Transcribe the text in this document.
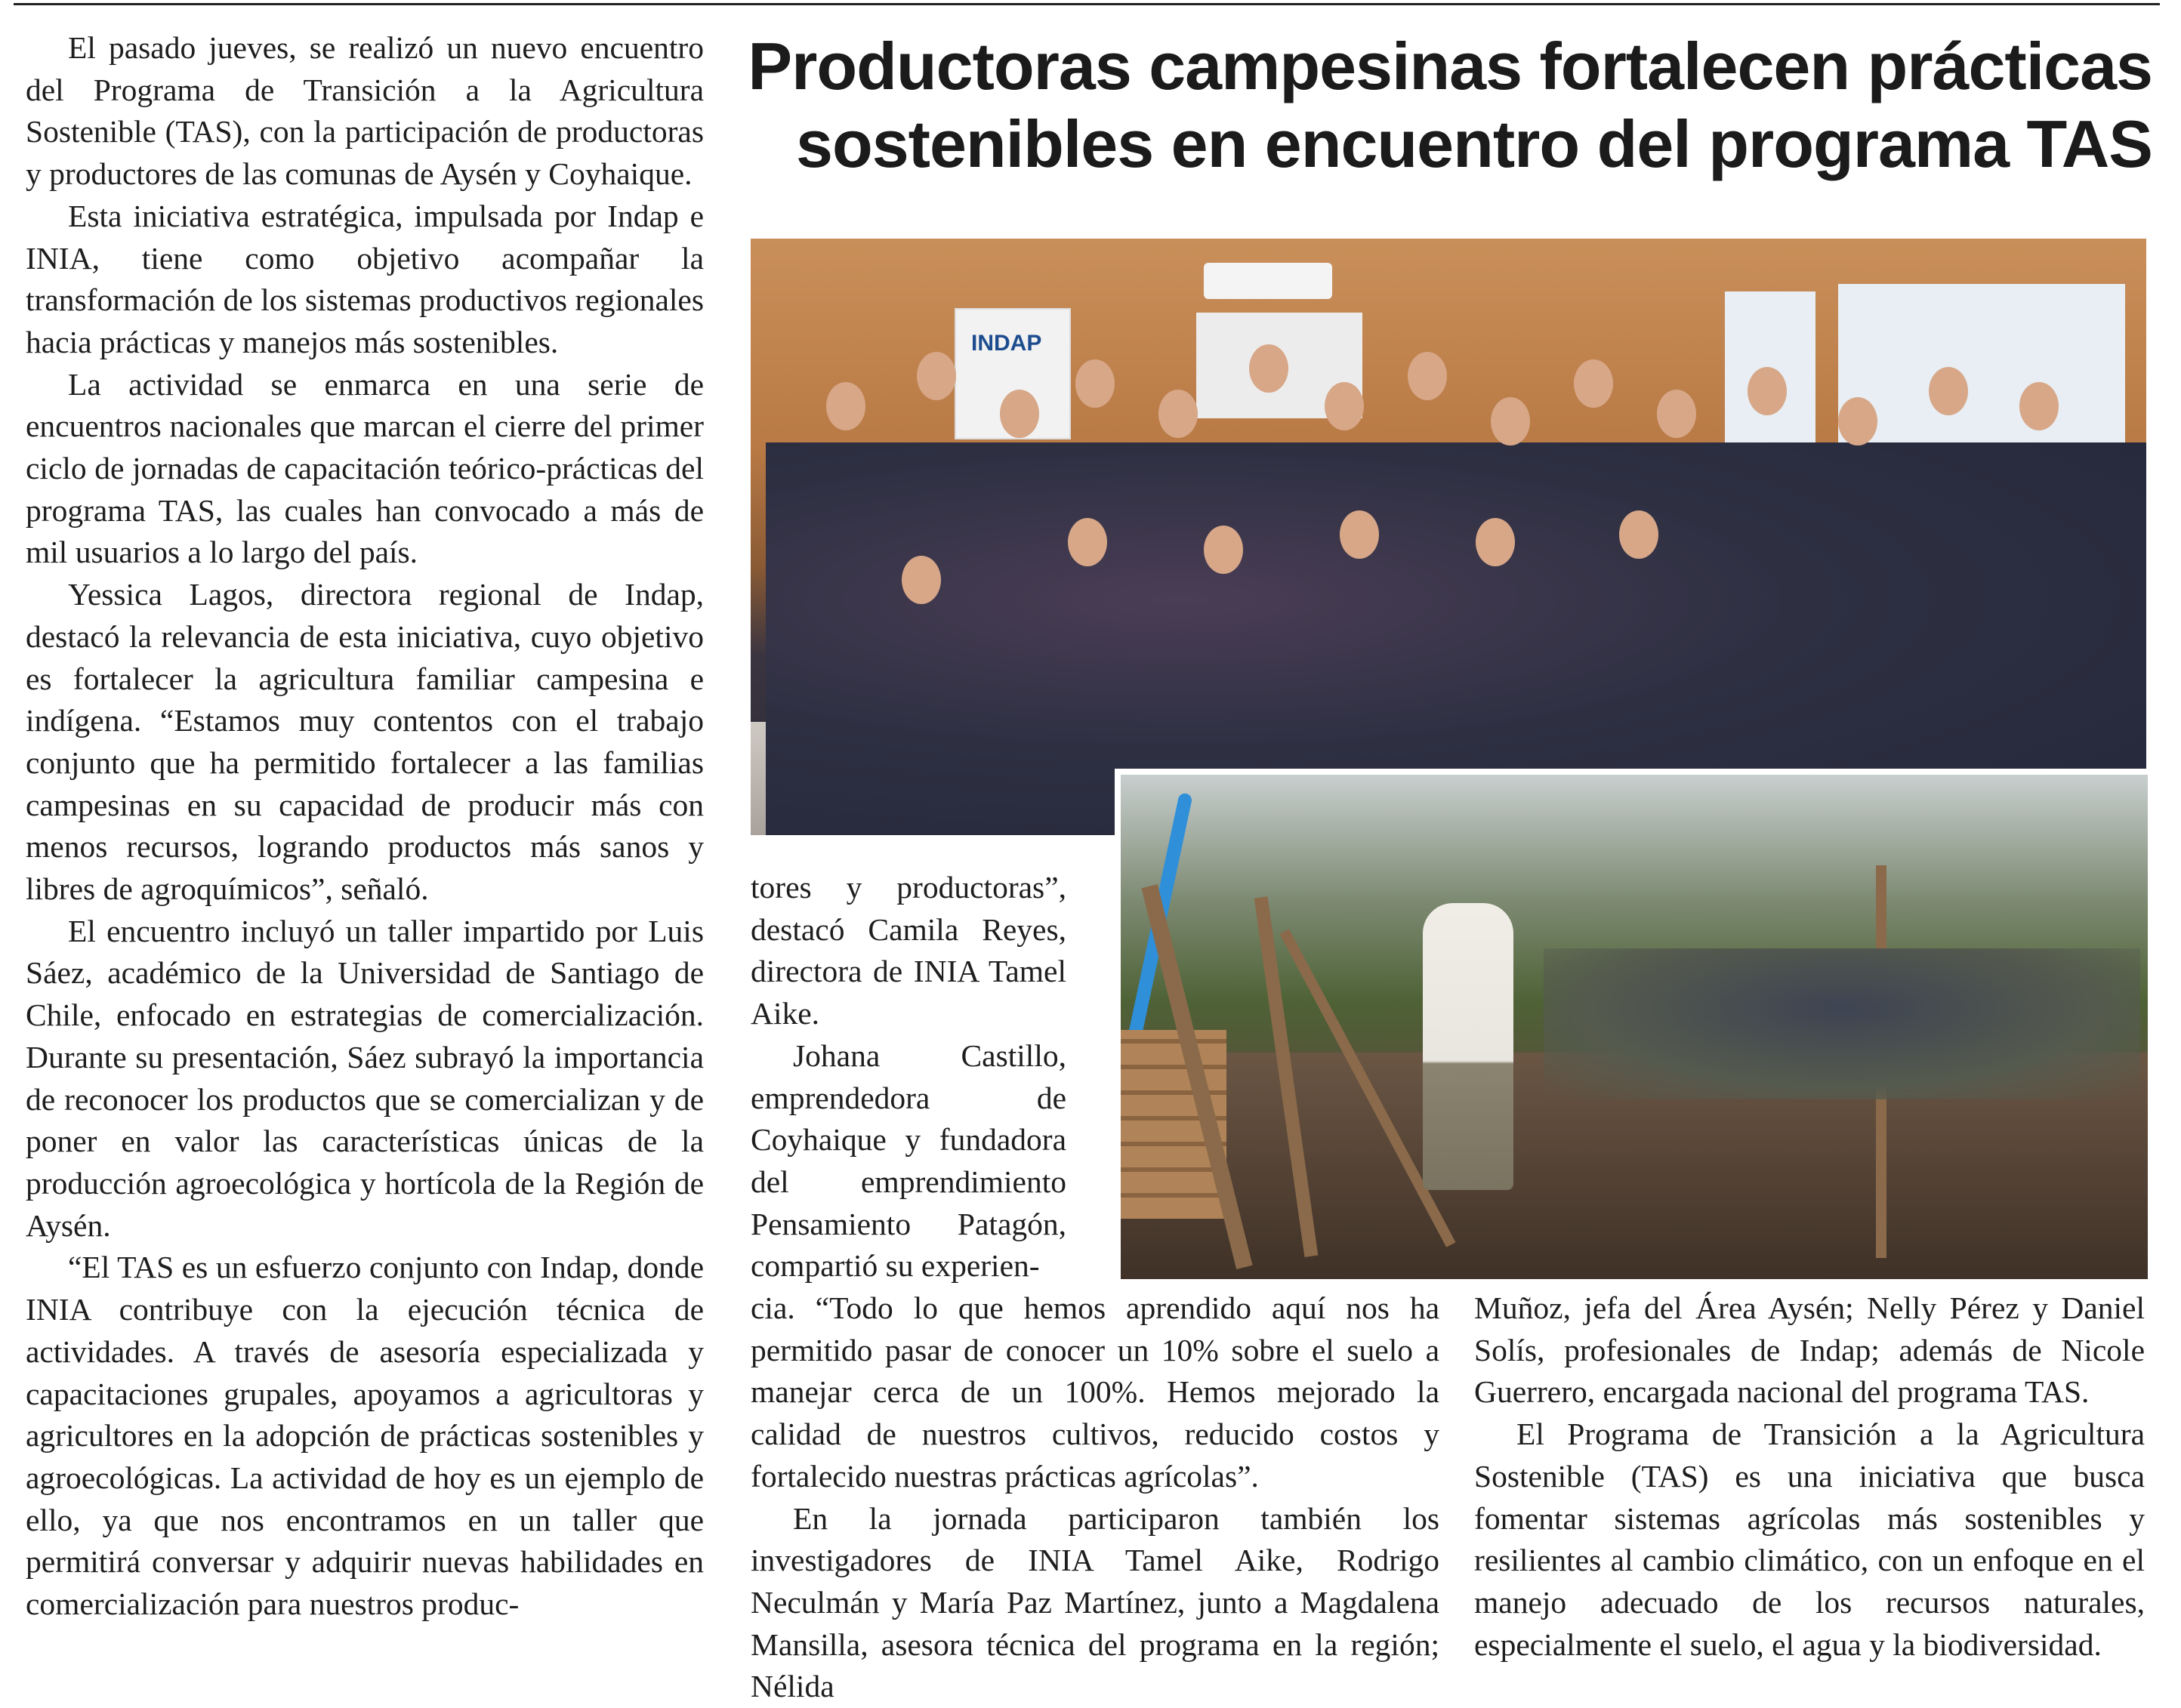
Productoras campesinas fortalecen prácticas sostenibles en encuentro del programa TAS

El pasado jueves, se realizó un nuevo encuentro del Programa de Transición a la Agricultura Sostenible (TAS), con la participación de productoras y productores de las comunas de Aysén y Coyhaique.

Esta iniciativa estratégica, impulsada por Indap e INIA, tiene como objetivo acompañar la transformación de los sistemas productivos regionales hacia prácticas y manejos más sostenibles.

La actividad se enmarca en una serie de encuentros nacionales que marcan el cierre del primer ciclo de jornadas de capacitación teórico-prácticas del programa TAS, las cuales han convocado a más de mil usuarios a lo largo del país.

Yessica Lagos, directora regional de Indap, destacó la relevancia de esta iniciativa, cuyo objetivo es fortalecer la agricultura familiar campesina e indígena. “Estamos muy contentos con el trabajo conjunto que ha permitido fortalecer a las familias campesinas en su capacidad de producir más con menos recursos, logrando productos más sanos y libres de agroquímicos”, señaló.

El encuentro incluyó un taller impartido por Luis Sáez, académico de la Universidad de Santiago de Chile, enfocado en estrategias de comercialización. Durante su presentación, Sáez subrayó la importancia de reconocer los productos que se comercializan y de poner en valor las características únicas de la producción agroecológica y hortícola de la Región de Aysén.

“El TAS es un esfuerzo conjunto con Indap, donde INIA contribuye con la ejecución técnica de actividades. A través de asesoría especializada y capacitaciones grupales, apoyamos a agricultoras y agricultores en la adopción de prácticas sostenibles y agroecológicas. La actividad de hoy es un ejemplo de ello, ya que nos encontramos en un taller que permitirá conversar y adquirir nuevas habilidades en comercialización para nuestros produc-

INDAP

tores y productoras”, destacó Camila Reyes, directora de INIA Tamel Aike.

Johana Castillo, emprendedora de Coyhaique y fundadora del emprendimiento Pensamiento Patagón, compartió su experien-

cia. “Todo lo que hemos aprendido aquí nos ha permitido pasar de conocer un 10% sobre el suelo a manejar cerca de un 100%. Hemos mejorado la calidad de nuestros cultivos, reducido costos y fortalecido nuestras prácticas agrícolas”.

En la jornada participaron también los investigadores de INIA Tamel Aike, Rodrigo Neculmán y María Paz Martínez, junto a Magdalena Mansilla, asesora técnica del programa en la región; Nélida

Muñoz, jefa del Área Aysén; Nelly Pérez y Daniel Solís, profesionales de Indap; además de Nicole Guerrero, encargada nacional del programa TAS.

El Programa de Transición a la Agricultura Sostenible (TAS) es una iniciativa que busca fomentar sistemas agrícolas más sostenibles y resilientes al cambio climático, con un enfoque en el manejo adecuado de los recursos naturales, especialmente el suelo, el agua y la biodiversidad.
